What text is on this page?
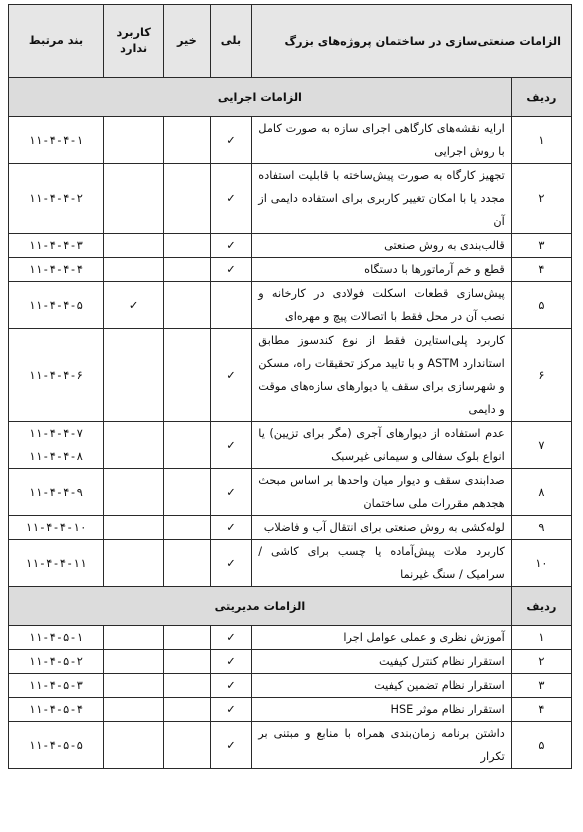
الزامات صنعتی‌سازی در ساختمان پروژه‌های بزرگ		بلی	خیر	کاربرد ندارد	بند مرتبط
ردیف	الزامات اجرایی				
۱	ارایه نقشه‌های کارگاهی اجرای سازه به صورت کامل با روش اجرایی	✓			۱۱-۴-۴-۱

۲	تجهیز کارگاه به صورت پیش‌ساخته با قابلیت استفاده مجدد یا با امکان تغییر کاربری برای استفاده دایمی از آن	✓			۱۱-۴-۴-۲

۳	قالب‌بندی به روش صنعتی	✓			۱۱-۴-۴-۳

۴	قطع و خم آرماتورها با دستگاه	✓			۱۱-۴-۴-۴

۵	پیش‌سازی قطعات اسکلت فولادی در کارخانه و نصب آن در محل فقط با اتصالات پیچ و مهره‌ای			✓	۱۱-۴-۴-۵

۶	کاربرد پلی‌استایرن فقط از نوع کندسوز مطابق استاندارد ASTM و با تایید مرکز تحقیقات راه، مسکن و شهرسازی برای سقف یا دیوارهای سازه‌های موقت و دایمی	✓			۱۱-۴-۴-۶

۷	عدم استفاده از دیوارهای آجری (مگر برای تزیین) یا انواع بلوک سفالی و سیمانی غیرسبک	✓			۱۱-۴-۴-۷
۱۱-۴-۴-۸

۸	صدابندی سقف و دیوار میان واحدها بر اساس مبحث هجدهم مقررات ملی ساختمان	✓			۱۱-۴-۴-۹

۹	لوله‌کشی به روش صنعتی برای انتقال آب و فاضلاب	✓			۱۱-۴-۴-۱۰

۱۰	کاربرد ملات پیش‌آماده یا چسب برای کاشی / سرامیک / سنگ غیرنما	✓			۱۱-۴-۴-۱۱

ردیف	الزامات مدیریتی				
۱	آموزش نظری و عملی عوامل اجرا	✓			۱۱-۴-۵-۱

۲	استقرار نظام کنترل کیفیت	✓			۱۱-۴-۵-۲

۳	استقرار نظام تضمین کیفیت	✓			۱۱-۴-۵-۳

۴	استقرار نظام موثر HSE	✓			۱۱-۴-۵-۴

۵	داشتن برنامه زمان‌بندی همراه با منابع و مبتنی بر تکرار	✓			۱۱-۴-۵-۵
